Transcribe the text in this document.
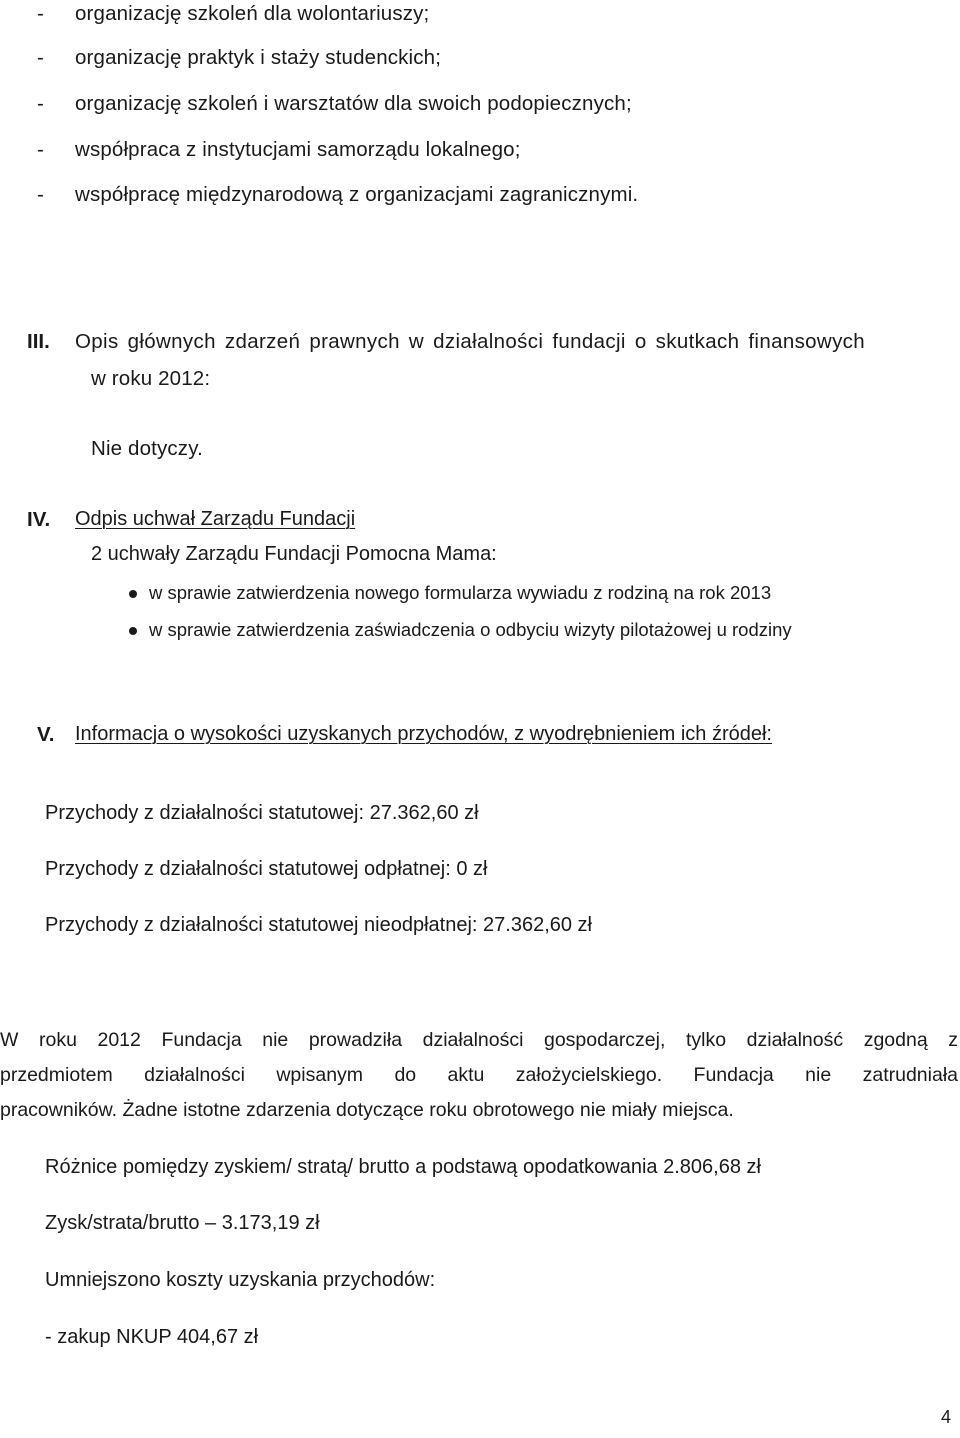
- organizację szkoleń dla wolontariuszy;
- organizację praktyk i staży studenckich;
- organizację szkoleń i warsztatów dla swoich podopiecznych;
- współpraca z instytucjami samorządu lokalnego;
- współpracę międzynarodową z organizacjami zagranicznymi.
III. Opis głównych zdarzeń prawnych w działalności fundacji o skutkach finansowych
w roku 2012:
Nie dotyczy.
IV. Odpis uchwał Zarządu Fundacji
2 uchwały Zarządu Fundacji Pomocna Mama:
w sprawie zatwierdzenia nowego formularza wywiadu z rodziną na rok 2013
w sprawie zatwierdzenia zaświadczenia o odbyciu wizyty pilotażowej u rodziny
V. Informacja o wysokości uzyskanych przychodów, z wyodrębnieniem ich źródeł:
Przychody z działalności statutowej: 27.362,60 zł
Przychody z działalności statutowej odpłatnej: 0 zł
Przychody z działalności statutowej nieodpłatnej: 27.362,60 zł
W roku 2012 Fundacja nie prowadziła działalności gospodarczej, tylko działalność zgodną z
przedmiotem działalności wpisanym do aktu założycielskiego. Fundacja nie zatrudniała
pracowników. Żadne istotne zdarzenia dotyczące roku obrotowego nie miały miejsca.
Różnice pomiędzy zyskiem/ stratą/ brutto a podstawą opodatkowania 2.806,68 zł
Zysk/strata/brutto – 3.173,19 zł
Umniejszono koszty uzyskania przychodów:
- zakup NKUP 404,67 zł
4
